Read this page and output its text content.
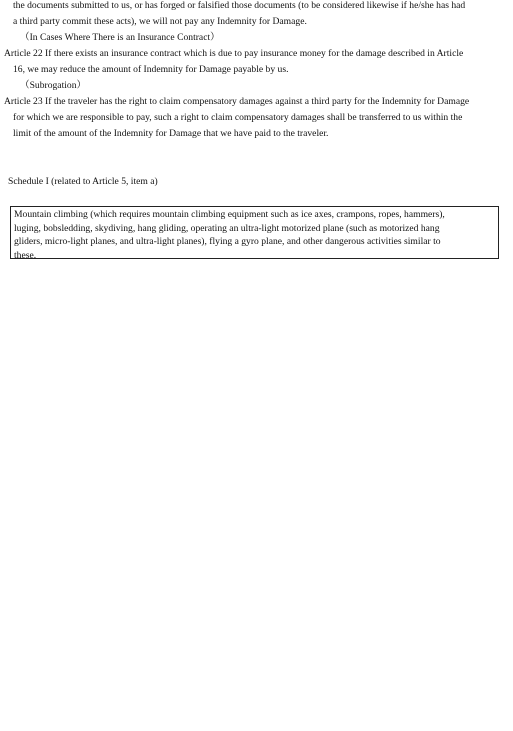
the documents submitted to us, or has forged or falsified those documents (to be considered likewise if he/she has had
a third party commit these acts), we will not pay any Indemnity for Damage.
（In Cases Where There is an Insurance Contract）
Article 22 If there exists an insurance contract which is due to pay insurance money for the damage described in Article
16, we may reduce the amount of Indemnity for Damage payable by us.
（Subrogation）
Article 23 If the traveler has the right to claim compensatory damages against a third party for the Indemnity for Damage
for which we are responsible to pay, such a right to claim compensatory damages shall be transferred to us within the
limit of the amount of the Indemnity for Damage that we have paid to the traveler.
Schedule I (related to Article 5, item a)
Mountain climbing (which requires mountain climbing equipment such as ice axes, crampons, ropes, hammers),
luging, bobsledding, skydiving, hang gliding, operating an ultra-light motorized plane (such as motorized hang
gliders, micro-light planes, and ultra-light planes), flying a gyro plane, and other dangerous activities similar to
these.
